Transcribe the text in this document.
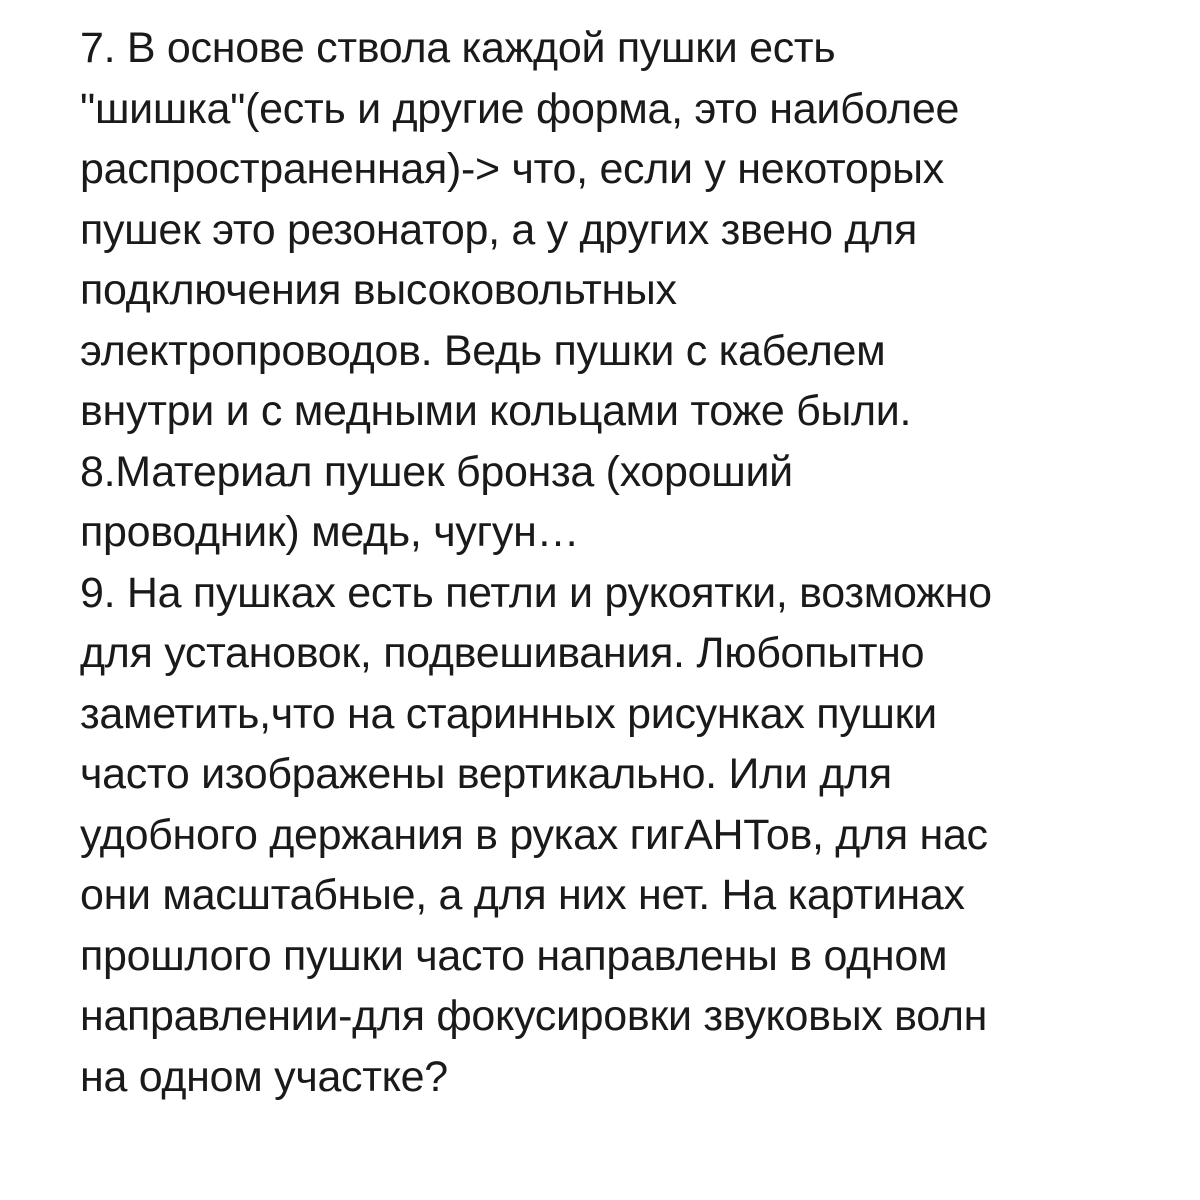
7. В основе ствола каждой пушки есть
"шишка"(есть и другие форма, это наиболее
распространенная)-> что, если у некоторых
пушек это резонатор, а у других звено для
подключения высоковольтных
электропроводов. Ведь пушки с кабелем
внутри и с медными кольцами тоже были.
8.Материал пушек бронза (хороший
проводник) медь, чугун…
9. На пушках есть петли и рукоятки, возможно
для установок, подвешивания. Любопытно
заметить,что на старинных рисунках пушки
часто изображены вертикально. Или для
удобного держания в руках гигАНТов, для нас
они масштабные, а для них нет. На картинах
прошлого пушки часто направлены в одном
направлении-для фокусировки звуковых волн
на одном участке?
